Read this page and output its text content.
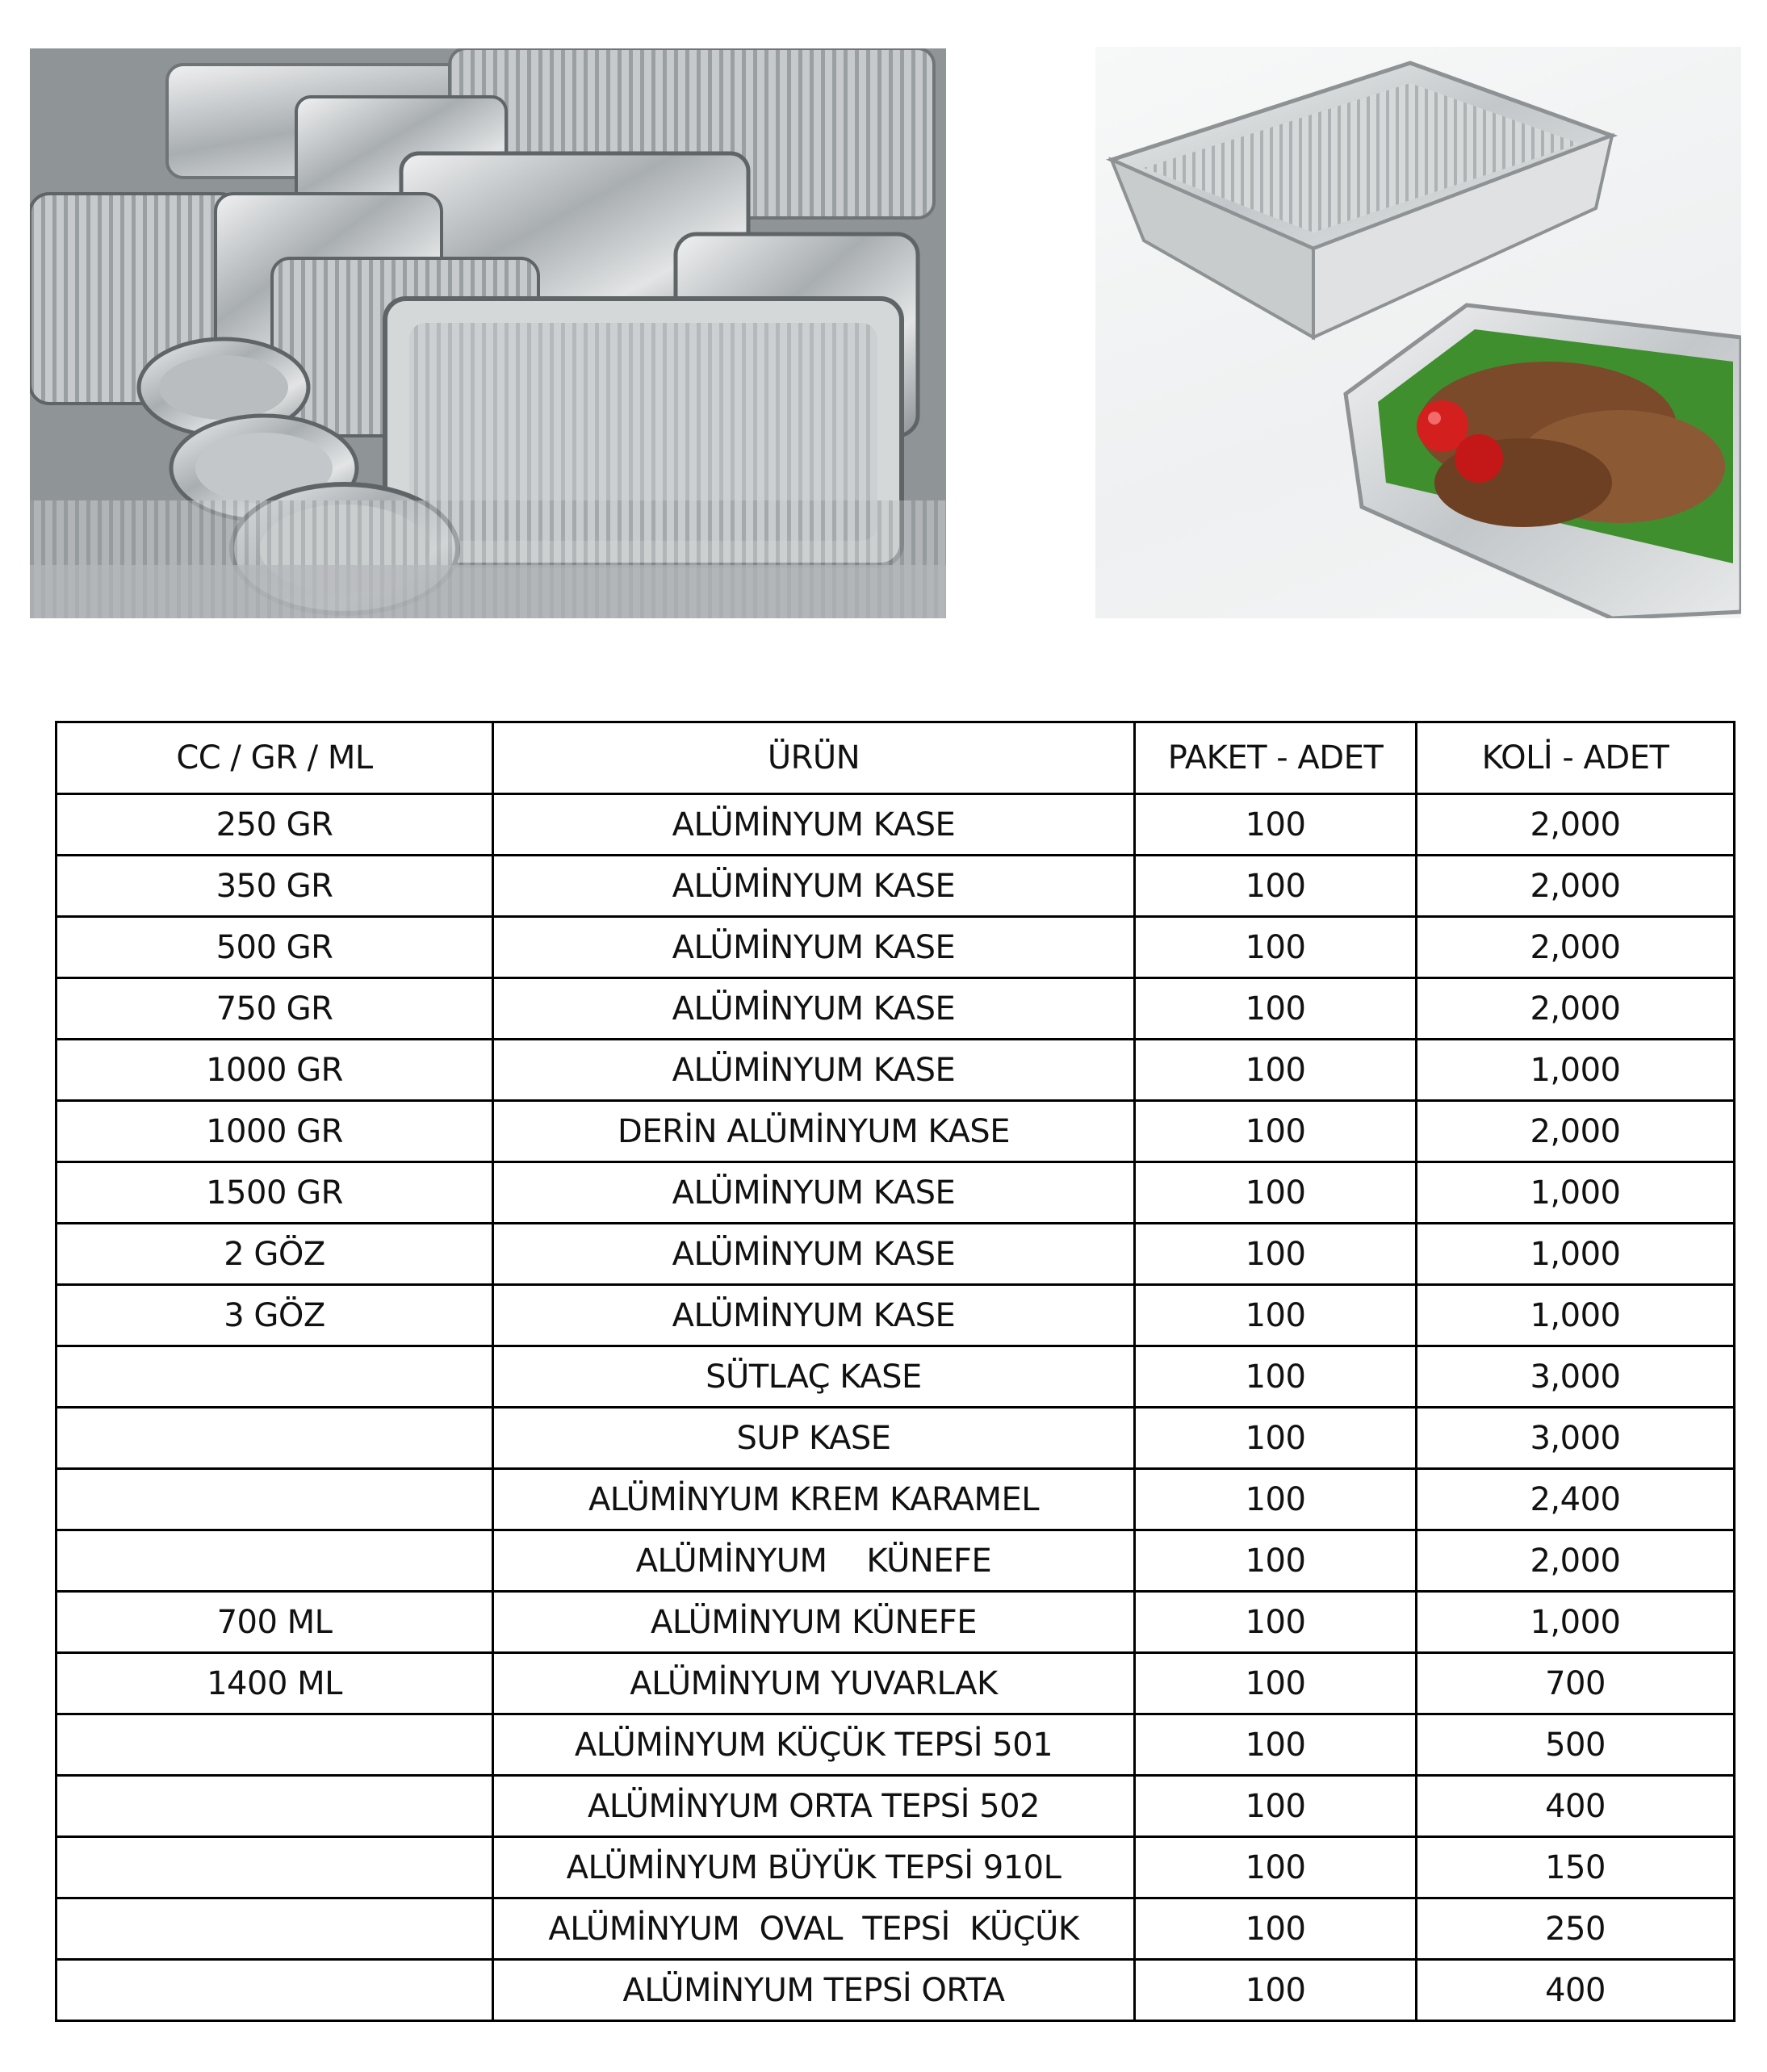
CC / GR / ML	ÜRÜN	PAKET - ADET	KOLİ - ADET
250 GR	ALÜMİNYUM KASE	100	2,000
350 GR	ALÜMİNYUM KASE	100	2,000
500 GR	ALÜMİNYUM KASE	100	2,000
750 GR	ALÜMİNYUM KASE	100	2,000
1000 GR	ALÜMİNYUM KASE	100	1,000
1000 GR	DERİN ALÜMİNYUM KASE	100	2,000
1500 GR	ALÜMİNYUM KASE	100	1,000
2 GÖZ	ALÜMİNYUM KASE	100	1,000
3 GÖZ	ALÜMİNYUM KASE	100	1,000
	SÜTLAÇ KASE	100	3,000
	SUP KASE	100	3,000
	ALÜMİNYUM KREM KARAMEL	100	2,400
	ALÜMİNYUM    KÜNEFE	100	2,000
700 ML	ALÜMİNYUM KÜNEFE	100	1,000
1400 ML	ALÜMİNYUM YUVARLAK	100	700
	ALÜMİNYUM KÜÇÜK TEPSİ 501	100	500
	ALÜMİNYUM ORTA TEPSİ 502	100	400
	ALÜMİNYUM BÜYÜK TEPSİ 910L	100	150
	ALÜMİNYUM  OVAL  TEPSİ  KÜÇÜK	100	250
	ALÜMİNYUM TEPSİ ORTA	100	400
